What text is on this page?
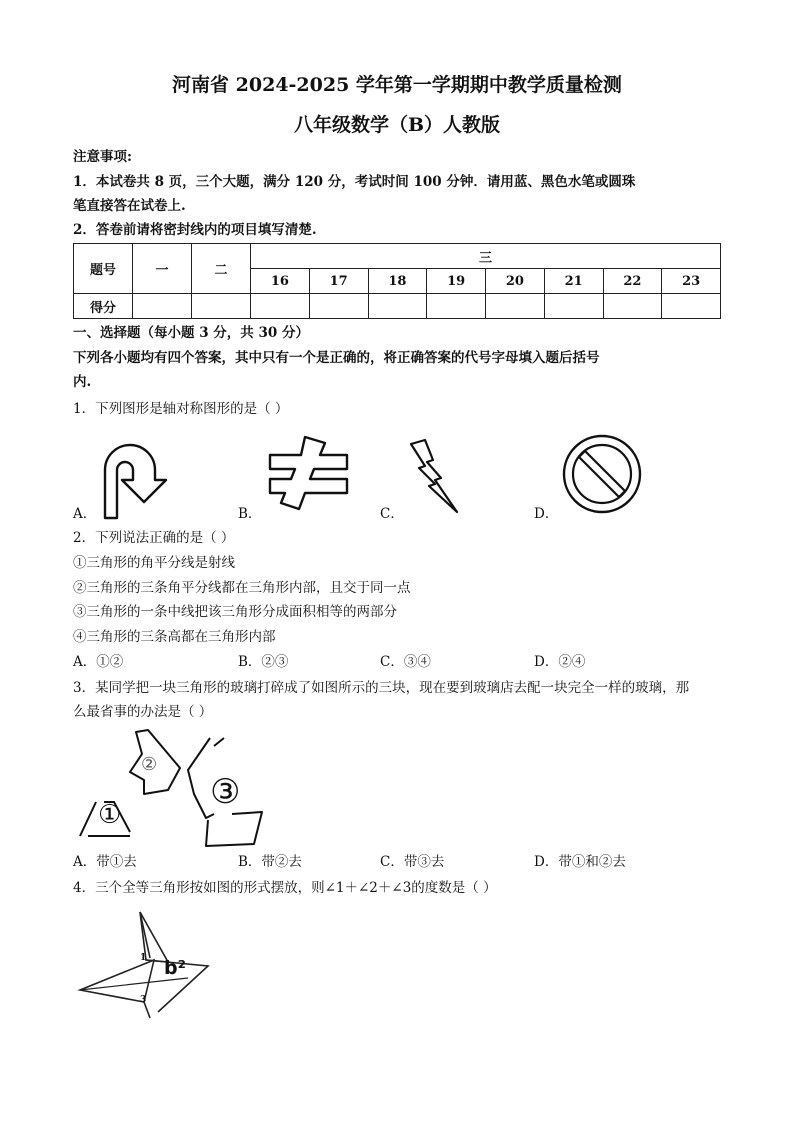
河南省 2024-2025 学年第一学期期中教学质量检测
八年级数学（B）人教版
注意事项:
1．本试卷共 8 页，三个大题，满分 120 分，考试时间 100 分钟．请用蓝、黑色水笔或圆珠
笔直接答在试卷上.
2．答卷前请将密封线内的项目填写清楚.
题号	一	二	三							
			16	17	18	19	20	21	22	23
得分										
一、选择题（每小题 3 分，共 30 分）
下列各小题均有四个答案，其中只有一个是正确的，将正确答案的代号字母填入题后括号
内.
1．下列图形是轴对称图形的是（ ）
A．	B．	C．	D．
2．下列说法正确的是（ ）
①三角形的角平分线是射线
②三角形的三条角平分线都在三角形内部，且交于同一点
③三角形的一条中线把该三角形分成面积相等的两部分
④三角形的三条高都在三角形内部
A．①②	B．②③	C．③④	D．②④
3．某同学把一块三角形的玻璃打碎成了如图所示的三块，现在要到玻璃店去配一块完全一样的玻璃，那
么最省事的办法是（ ）
①
②
③
A．带①去	B．带②去	C．带③去	D．带①和②去
4．三个全等三角形按如图的形式摆放，则∠1＋∠2＋∠3的度数是（ ）
1 b²
3
